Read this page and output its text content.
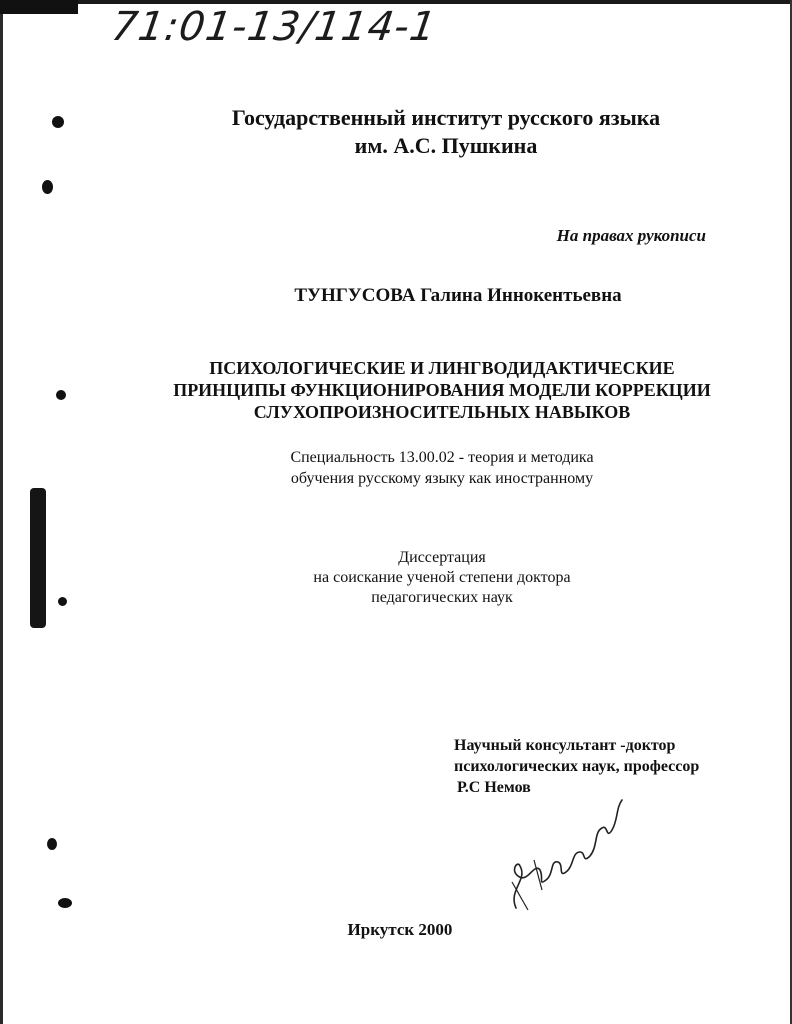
71:01-13/114-1
Государственный институт русского языка
им. А.С. Пушкина
На правах рукописи
ТУНГУСОВА Галина Иннокентьевна
ПСИХОЛОГИЧЕСКИЕ И ЛИНГВОДИДАКТИЧЕСКИЕ
ПРИНЦИПЫ ФУНКЦИОНИРОВАНИЯ МОДЕЛИ КОРРЕКЦИИ
СЛУХОПРОИЗНОСИТЕЛЬНЫХ НАВЫКОВ
Специальность 13.00.02 - теория и методика
обучения русскому языку как иностранному
Диссертация
на соискание ученой степени доктора
педагогических наук
Научный консультант -доктор
психологических наук, профессор
Р.С Немов
Иркутск 2000
